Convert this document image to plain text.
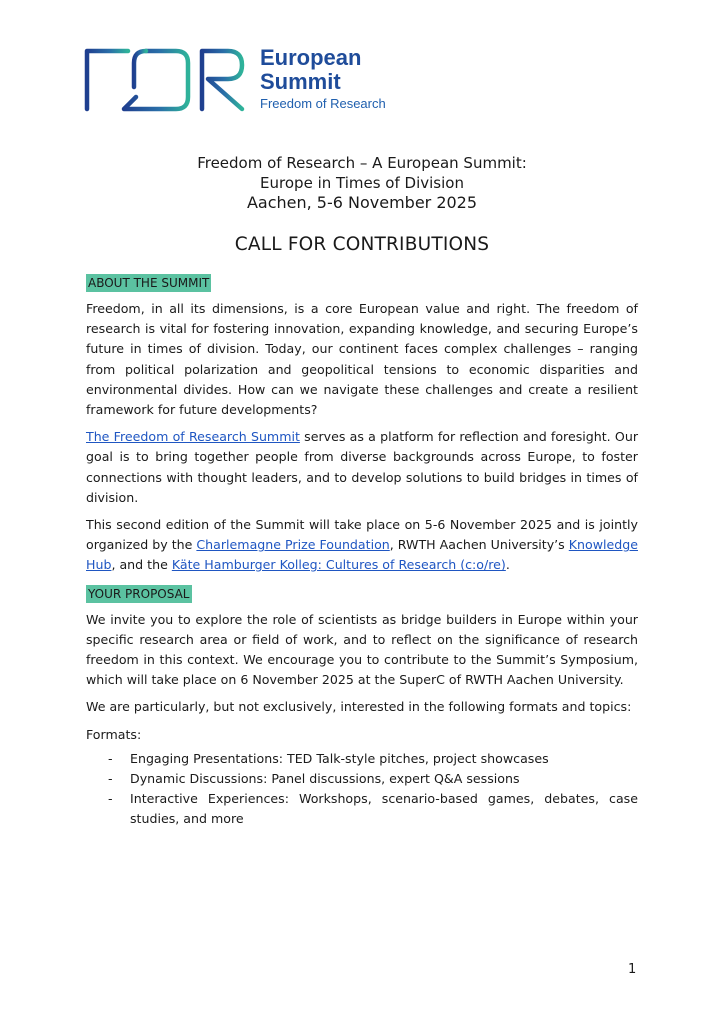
European
Summit
Freedom of Research
Freedom of Research – A European Summit:
Europe in Times of Division
Aachen, 5-6 November 2025
CALL FOR CONTRIBUTIONS
ABOUT THE SUMMIT

Freedom, in all its dimensions, is a core European value and right. The freedom of research is vital for fostering innovation, expanding knowledge, and securing Europe’s future in times of division. Today, our continent faces complex challenges – ranging from political polarization and geopolitical tensions to economic disparities and environmental divides. How can we navigate these challenges and create a resilient framework for future developments?

The Freedom of Research Summit serves as a platform for reflection and foresight. Our goal is to bring together people from diverse backgrounds across Europe, to foster connections with thought leaders, and to develop solutions to build bridges in times of division.

This second edition of the Summit will take place on 5-6 November 2025 and is jointly organized by the Charlemagne Prize Foundation, RWTH Aachen University’s Knowledge Hub, and the Käte Hamburger Kolleg: Cultures of Research (c:o/re).

YOUR PROPOSAL

We invite you to explore the role of scientists as bridge builders in Europe within your specific research area or field of work, and to reflect on the significance of research freedom in this context. We encourage you to contribute to the Summit’s Symposium, which will take place on 6 November 2025 at the SuperC of RWTH Aachen University.

We are particularly, but not exclusively, interested in the following formats and topics:

Formats:
- Engaging Presentations: TED Talk-style pitches, project showcases
- Dynamic Discussions: Panel discussions, expert Q&A sessions
- Interactive Experiences: Workshops, scenario-based games, debates, case studies, and more
1
